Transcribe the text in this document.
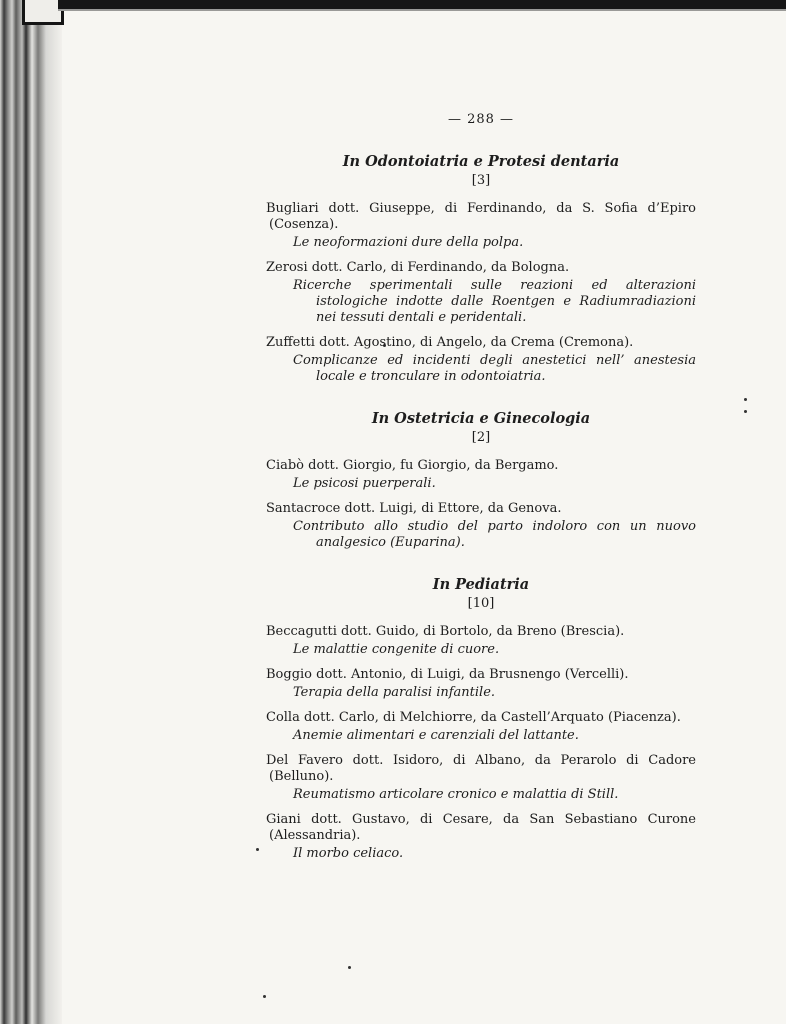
— 288 —
In Odontoiatria e Protesi dentaria
[3]
Bugliari dott. Giuseppe, di Ferdinando, da S. Sofia d’Epiro (Cosenza).
Le neoformazioni dure della polpa.
Zerosi dott. Carlo, di Ferdinando, da Bologna.
Ricerche sperimentali sulle reazioni ed alterazioni istologiche indotte dalle Roentgen e Radiumradiazioni nei tessuti dentali e peridentali.
Zuffetti dott. Agostino, di Angelo, da Crema (Cremona).
Complicanze ed incidenti degli anestetici nell’ anestesia locale e tronculare in odontoiatria.
In Ostetricia e Ginecologia
[2]
Ciabò dott. Giorgio, fu Giorgio, da Bergamo.
Le psicosi puerperali.
Santacroce dott. Luigi, di Ettore, da Genova.
Contributo allo studio del parto indoloro con un nuovo analgesico (Euparina).
In Pediatria
[10]
Beccagutti dott. Guido, di Bortolo, da Breno (Brescia).
Le malattie congenite di cuore.
Boggio dott. Antonio, di Luigi, da Brusnengo (Vercelli).
Terapia della paralisi infantile.
Colla dott. Carlo, di Melchiorre, da Castell’Arquato (Piacenza).
Anemie alimentari e carenziali del lattante.
Del Favero dott. Isidoro, di Albano, da Perarolo di Cadore (Belluno).
Reumatismo articolare cronico e malattia di Still.
Giani dott. Gustavo, di Cesare, da San Sebastiano Curone (Alessandria).
Il morbo celiaco.
